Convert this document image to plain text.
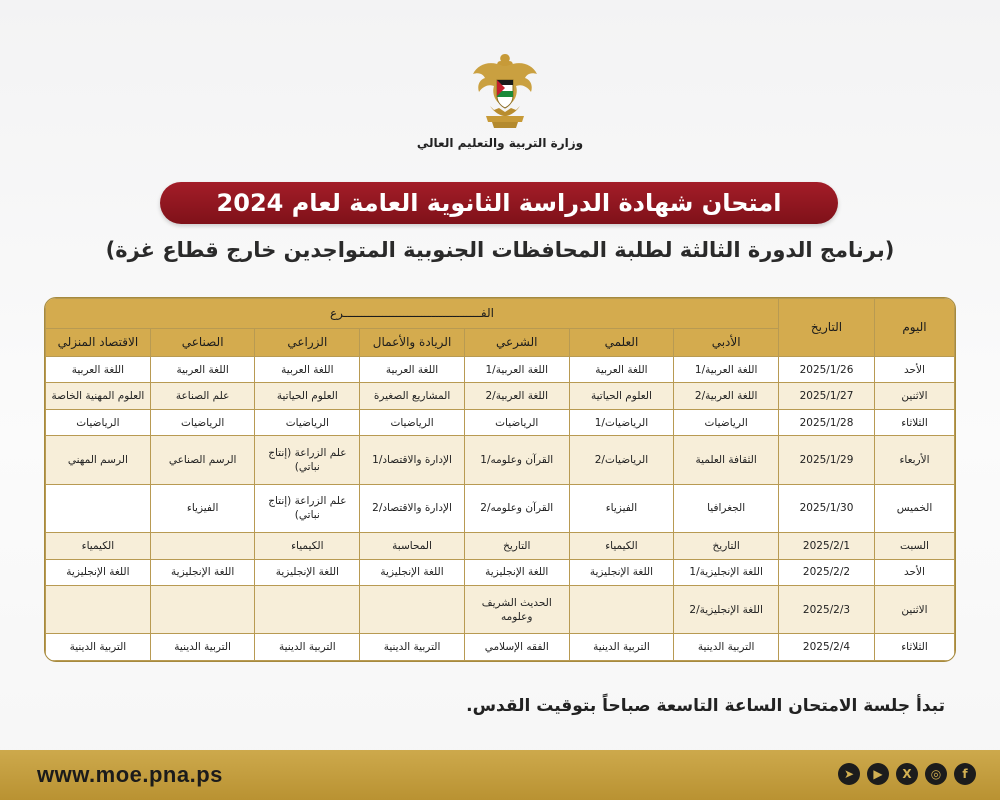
وزارة التربية والتعليم العالي
امتحان شهادة الدراسة الثانوية العامة لعام 2024
(برنامج الدورة الثالثة لطلبة المحافظات الجنوبية المتواجدين خارج قطاع غزة)
اليوم	التاريخ	الفـــــــــــــــــــــــــــــــــــــــرع						
		الأدبي	العلمي	الشرعي	الريادة والأعمال	الزراعي	الصناعي	الاقتصاد المنزلي
الأحد	2025/1/26	اللغة العربية/1	اللغة العربية	اللغة العربية/1	اللغة العربية	اللغة العربية	اللغة العربية	اللغة العربية
الاثنين	2025/1/27	اللغة العربية/2	العلوم الحياتية	اللغة العربية/2	المشاريع الصغيرة	العلوم الحياتية	علم الصناعة	العلوم المهنية الخاصة
الثلاثاء	2025/1/28	الرياضيات	الرياضيات/1	الرياضيات	الرياضيات	الرياضيات	الرياضيات	الرياضيات
الأربعاء	2025/1/29	الثقافة العلمية	الرياضيات/2	القرآن وعلومه/1	الإدارة والاقتصاد/1	علم الزراعة (إنتاج نباتي)	الرسم الصناعي	الرسم المهني
الخميس	2025/1/30	الجغرافيا	الفيزياء	القرآن وعلومه/2	الإدارة والاقتصاد/2	علم الزراعة (إنتاج نباتي)	الفيزياء	
السبت	2025/2/1	التاريخ	الكيمياء	التاريخ	المحاسبة	الكيمياء		الكيمياء
الأحد	2025/2/2	اللغة الإنجليزية/1	اللغة الإنجليزية	اللغة الإنجليزية	اللغة الإنجليزية	اللغة الإنجليزية	اللغة الإنجليزية	اللغة الإنجليزية
الاثنين	2025/2/3	اللغة الإنجليزية/2		الحديث الشريف وعلومه				
الثلاثاء	2025/2/4	التربية الدينية	التربية الدينية	الفقه الإسلامي	التربية الدينية	التربية الدينية	التربية الدينية	التربية الدينية
تبدأ جلسة الامتحان الساعة التاسعة صباحاً بتوقيت القدس.
www.moe.pna.ps	➤	▶	X	◎	f
